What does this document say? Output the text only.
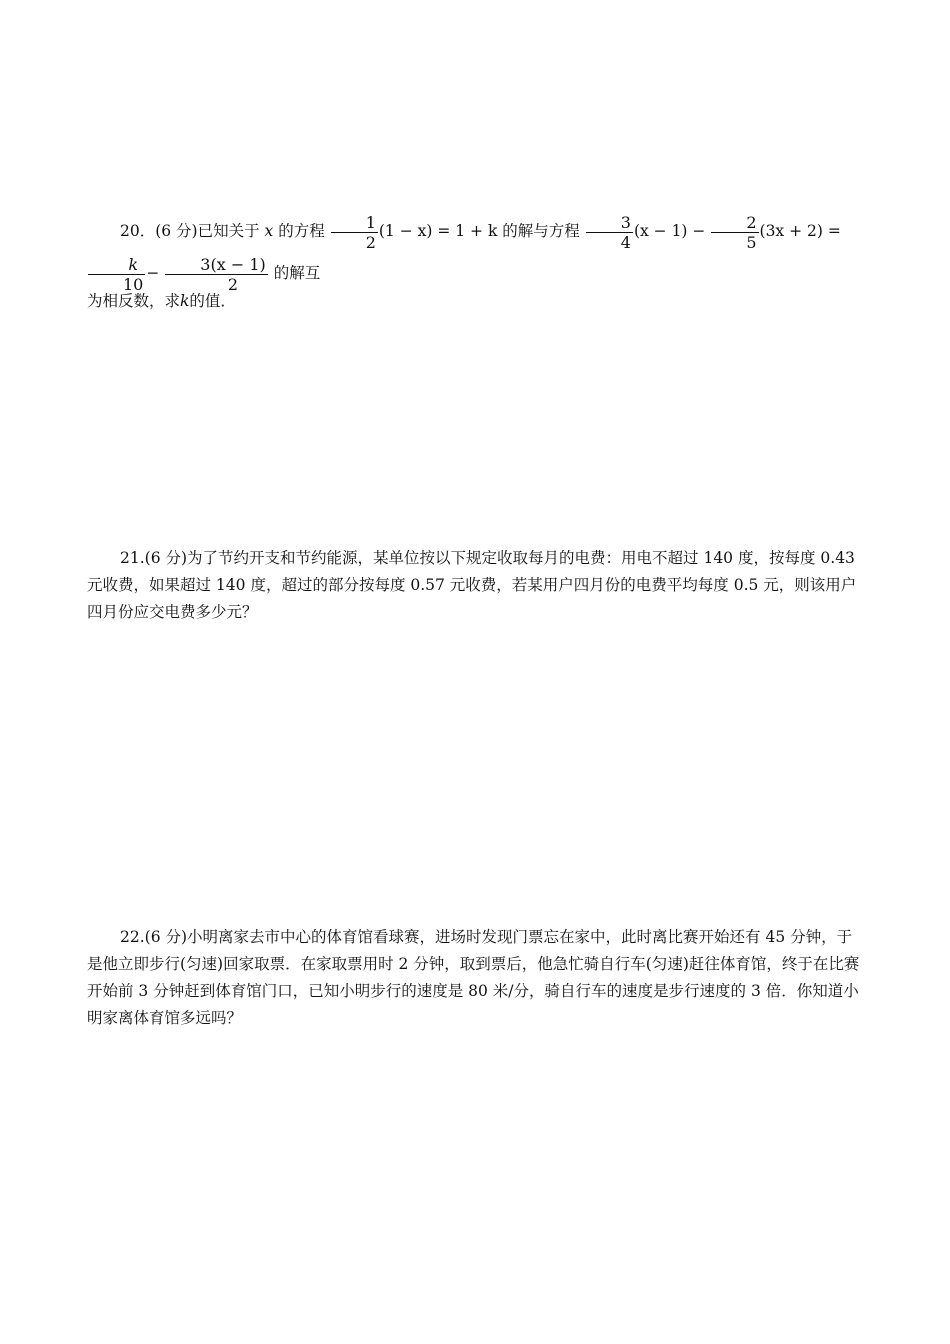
20．(6 分)已知关于 x 的方程 $\frac{1}{2} (1 - x) = 1 + k$ 的解与方程 $\frac{3}{4} (x - 1) - \frac{2}{5} (3x + 2)$ =
$\frac{k}{10} - \frac{3(x - 1)}{2}$ 的解互

为相反数，求k的值．

21.(6 分)为了节约开支和节约能源，某单位按以下规定收取每月的电费：用电不超过 140 度，按每度 0.43 元收费，如果超过 140 度，超过的部分按每度 0.57 元收费，若某用户四月份的电费平均每度 0.5 元，则该用户四月份应交电费多少元？

22.(6 分)小明离家去市中心的体育馆看球赛，进场时发现门票忘在家中，此时离比赛开始还有 45 分钟，于是他立即步行(匀速)回家取票．在家取票用时 2 分钟，取到票后，他急忙骑自行车(匀速)赶往体育馆，终于在比赛开始前 3 分钟赶到体育馆门口，已知小明步行的速度是 80 米/分，骑自行车的速度是步行速度的 3 倍．你知道小明家离体育馆多远吗？
